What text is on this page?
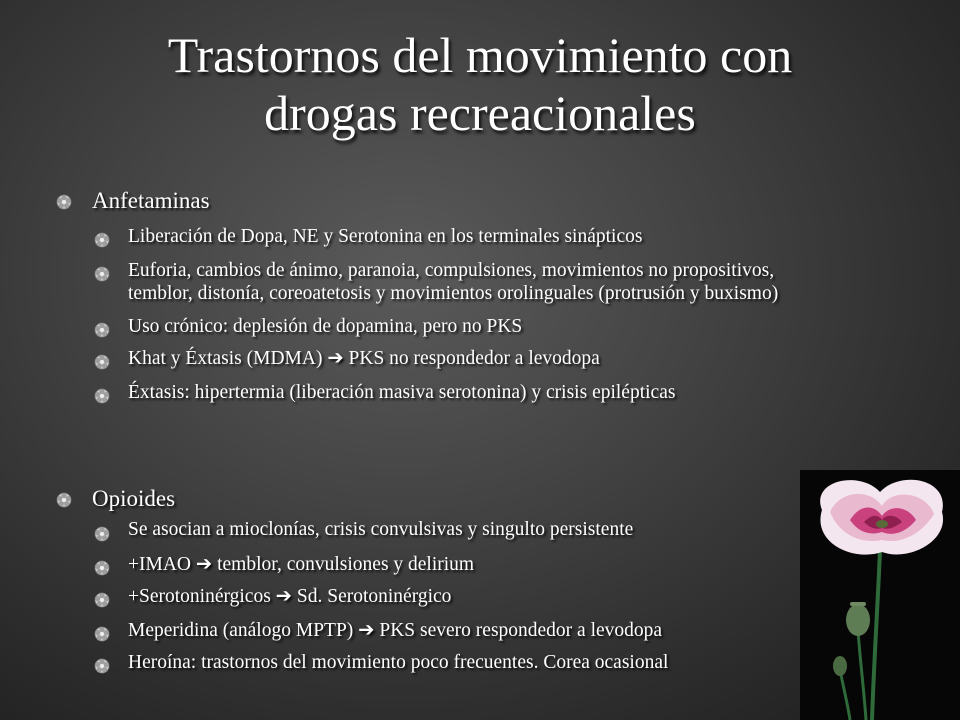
Trastornos del movimiento con
drogas recreacionales
Anfetaminas
Liberación de Dopa, NE y Serotonina en los terminales sinápticos
Euforia, cambios de ánimo, paranoia, compulsiones, movimientos no propositivos,
temblor, distonía, coreoatetosis y movimientos orolinguales (protrusión y buxismo)
Uso crónico: deplesión de dopamina, pero no PKS
Khat y Éxtasis (MDMA) ➔ PKS no respondedor a levodopa
Éxtasis: hipertermia (liberación masiva serotonina) y crisis epilépticas
Opioides
Se asocian a mioclonías, crisis convulsivas y singulto persistente
+IMAO ➔ temblor, convulsiones y delirium
+Serotoninérgicos ➔ Sd. Serotoninérgico
Meperidina (análogo MPTP) ➔ PKS severo respondedor a levodopa
Heroína: trastornos del movimiento poco frecuentes. Corea ocasional
